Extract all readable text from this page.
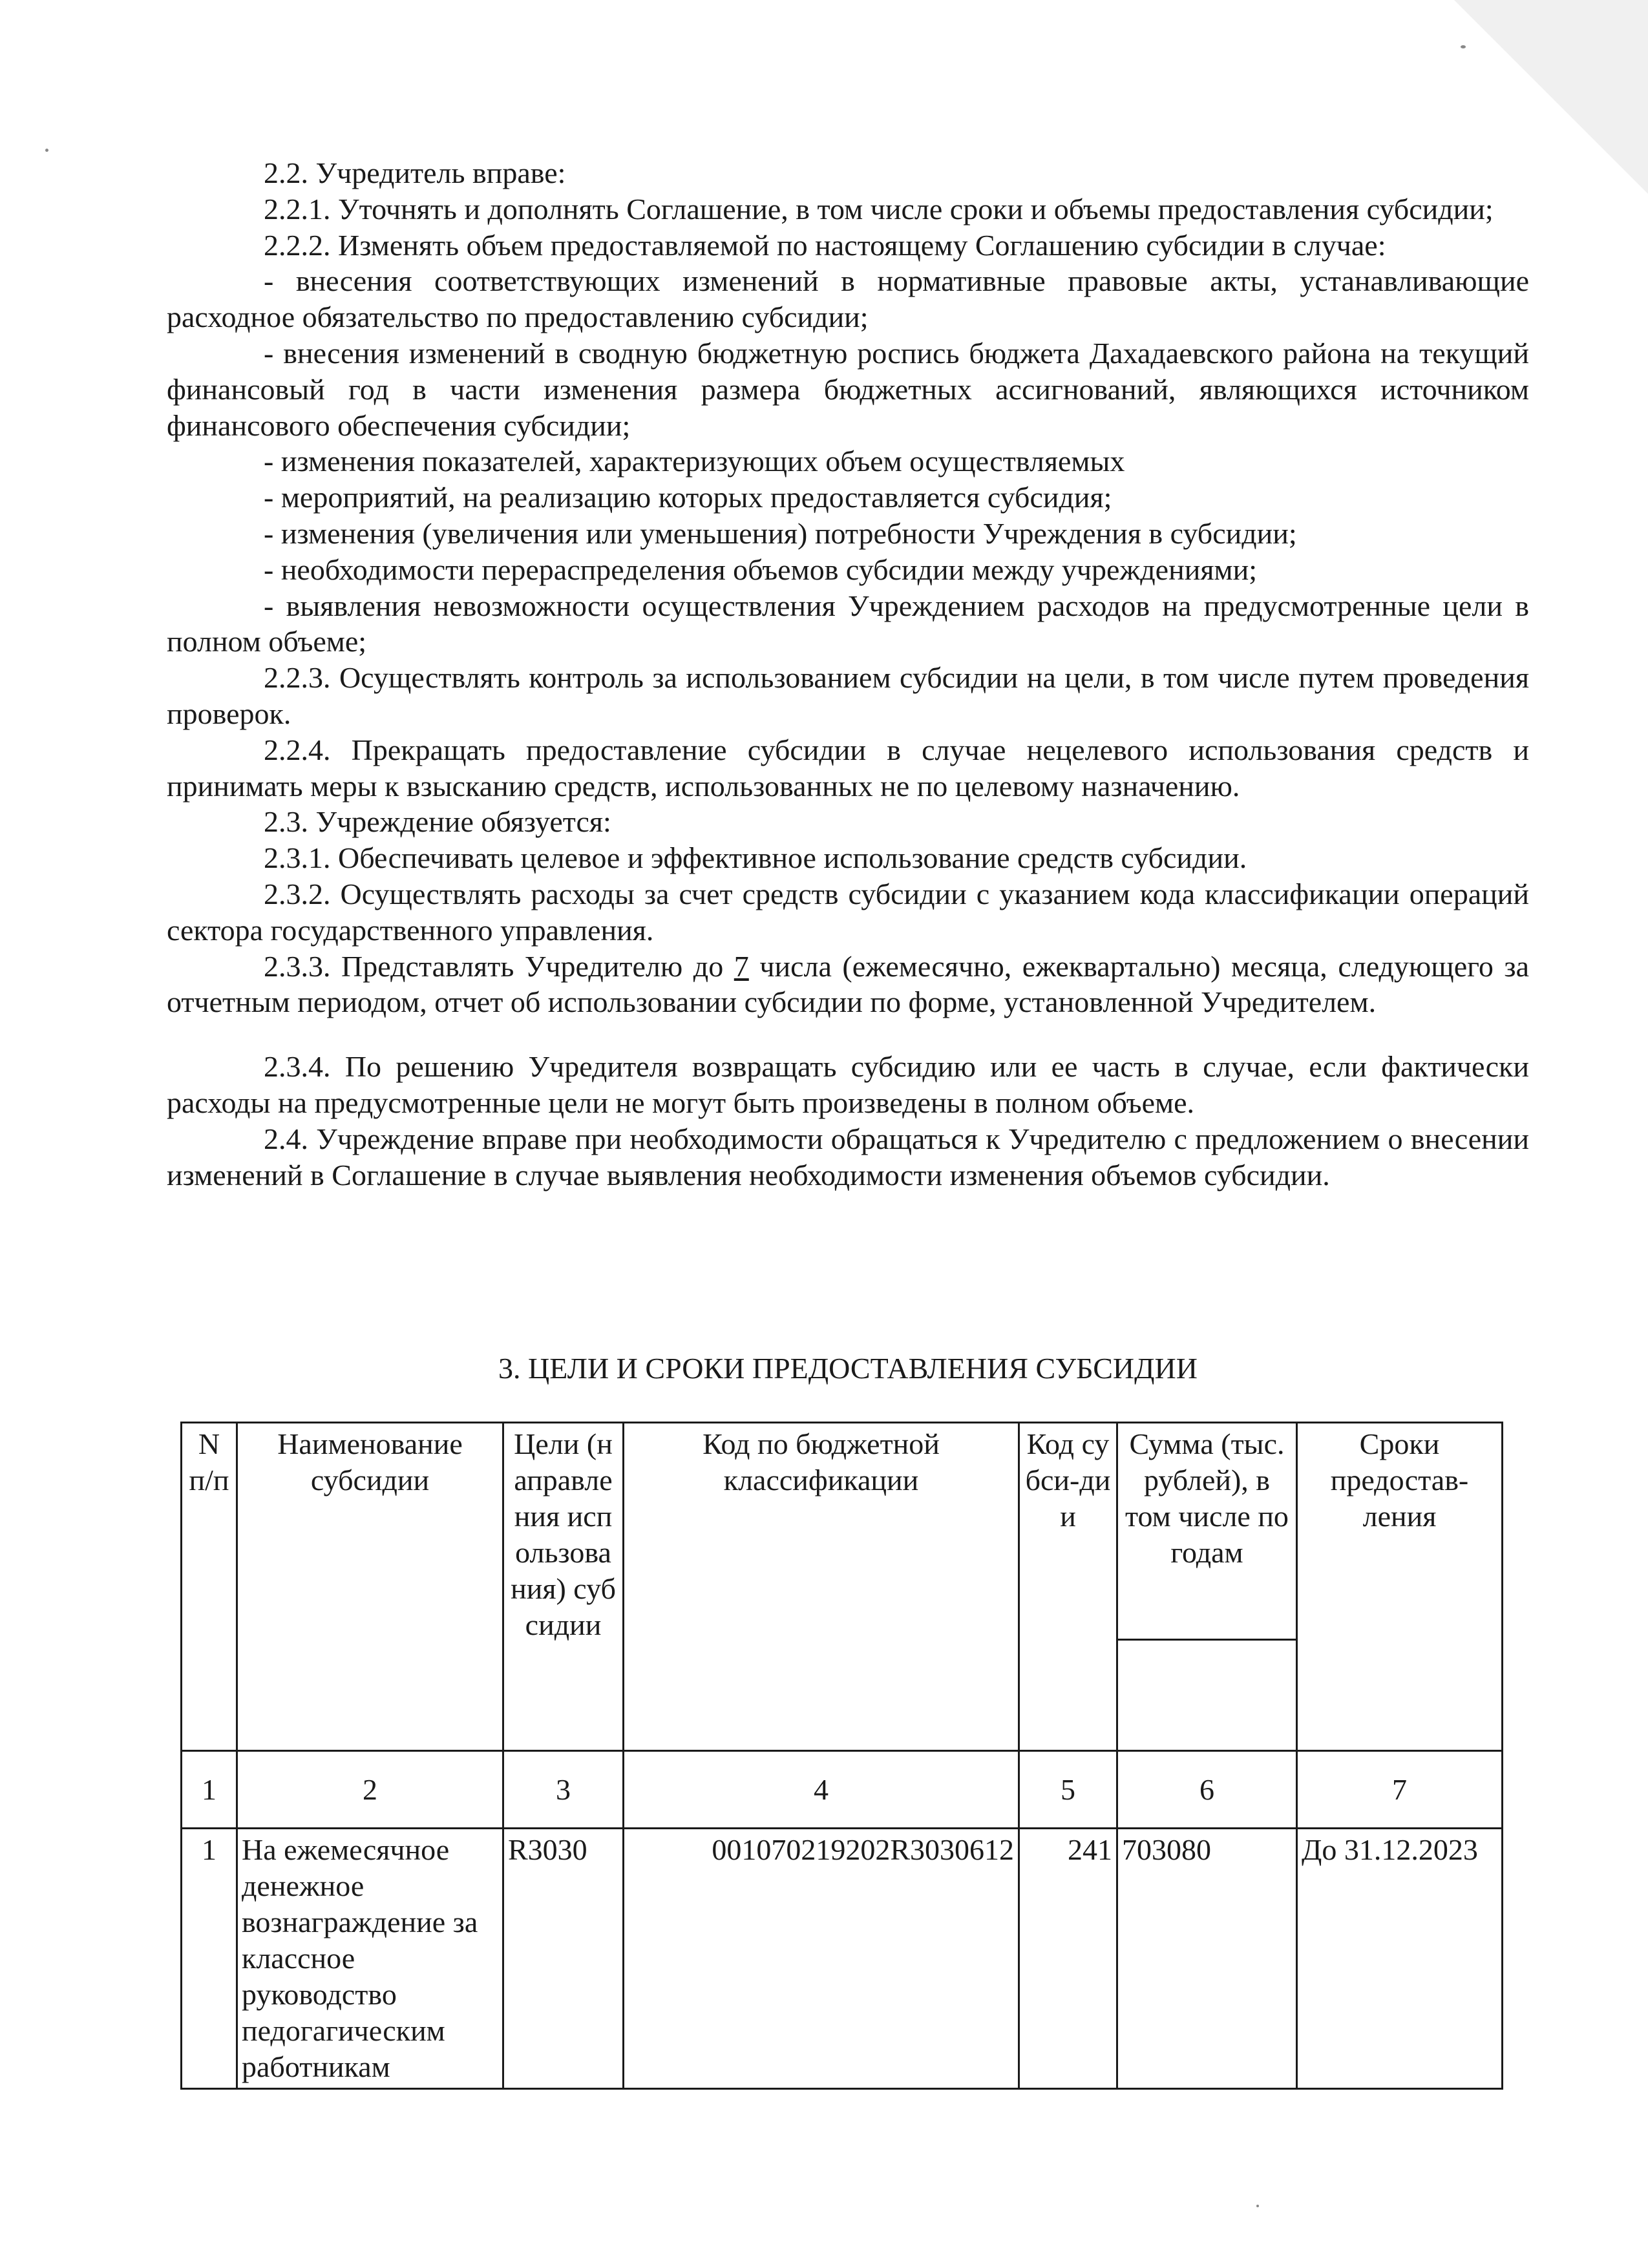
2.2. Учредитель вправе:

2.2.1. Уточнять и дополнять Соглашение, в том числе сроки и объемы предоставления субсидии;

2.2.2. Изменять объем предоставляемой по настоящему Соглашению субсидии в случае:

- внесения соответствующих изменений в нормативные правовые акты, устанавливающие расходное обязательство по предоставлению субсидии;

- внесения изменений в сводную бюджетную роспись бюджета Дахадаевского района на текущий финансовый год в части изменения размера бюджетных ассигнований, являющихся источником финансового обеспечения субсидии;

- изменения показателей, характеризующих объем осуществляемых

- мероприятий, на реализацию которых предоставляется субсидия;

- изменения (увеличения или уменьшения) потребности Учреждения в субсидии;

- необходимости перераспределения объемов субсидии между учреждениями;

- выявления невозможности осуществления Учреждением расходов на предусмотренные цели в полном объеме;

2.2.3. Осуществлять контроль за использованием субсидии на цели, в том числе путем проведения проверок.

2.2.4. Прекращать предоставление субсидии в случае нецелевого использования средств и принимать меры к взысканию средств, использованных не по целевому назначению.

2.3. Учреждение обязуется:

2.3.1. Обеспечивать целевое и эффективное использование средств субсидии.

2.3.2. Осуществлять расходы за счет средств субсидии с указанием кода классификации операций сектора государственного управления.

2.3.3. Представлять Учредителю до 7 числа (ежемесячно, ежеквартально) месяца, следующего за отчетным периодом, отчет об использовании субсидии по форме, установленной Учредителем.

2.3.4. По решению Учредителя возвращать субсидию или ее часть в случае, если фактически расходы на предусмотренные цели не могут быть произведены в полном объеме.

2.4. Учреждение вправе при необходимости обращаться к Учредителю с предложением о внесении изменений в Соглашение в случае выявления необходимости изменения объемов субсидии.

3. ЦЕЛИ И СРОКИ ПРЕДОСТАВЛЕНИЯ СУБСИДИИ
N п/п	Наименование субсидии	Цели (направления использования) субсидии	Код по бюджетной классификации	Код субси-дии	Сумма (тыс. рублей), в том числе по годам	Сроки предостав-ления

1	2	3	4	5	6	7
1	На ежемесячное денежное вознаграждение за классное руководство педогагическим работникам	R3030	001070219202R3030612	241	703080	До 31.12.2023
